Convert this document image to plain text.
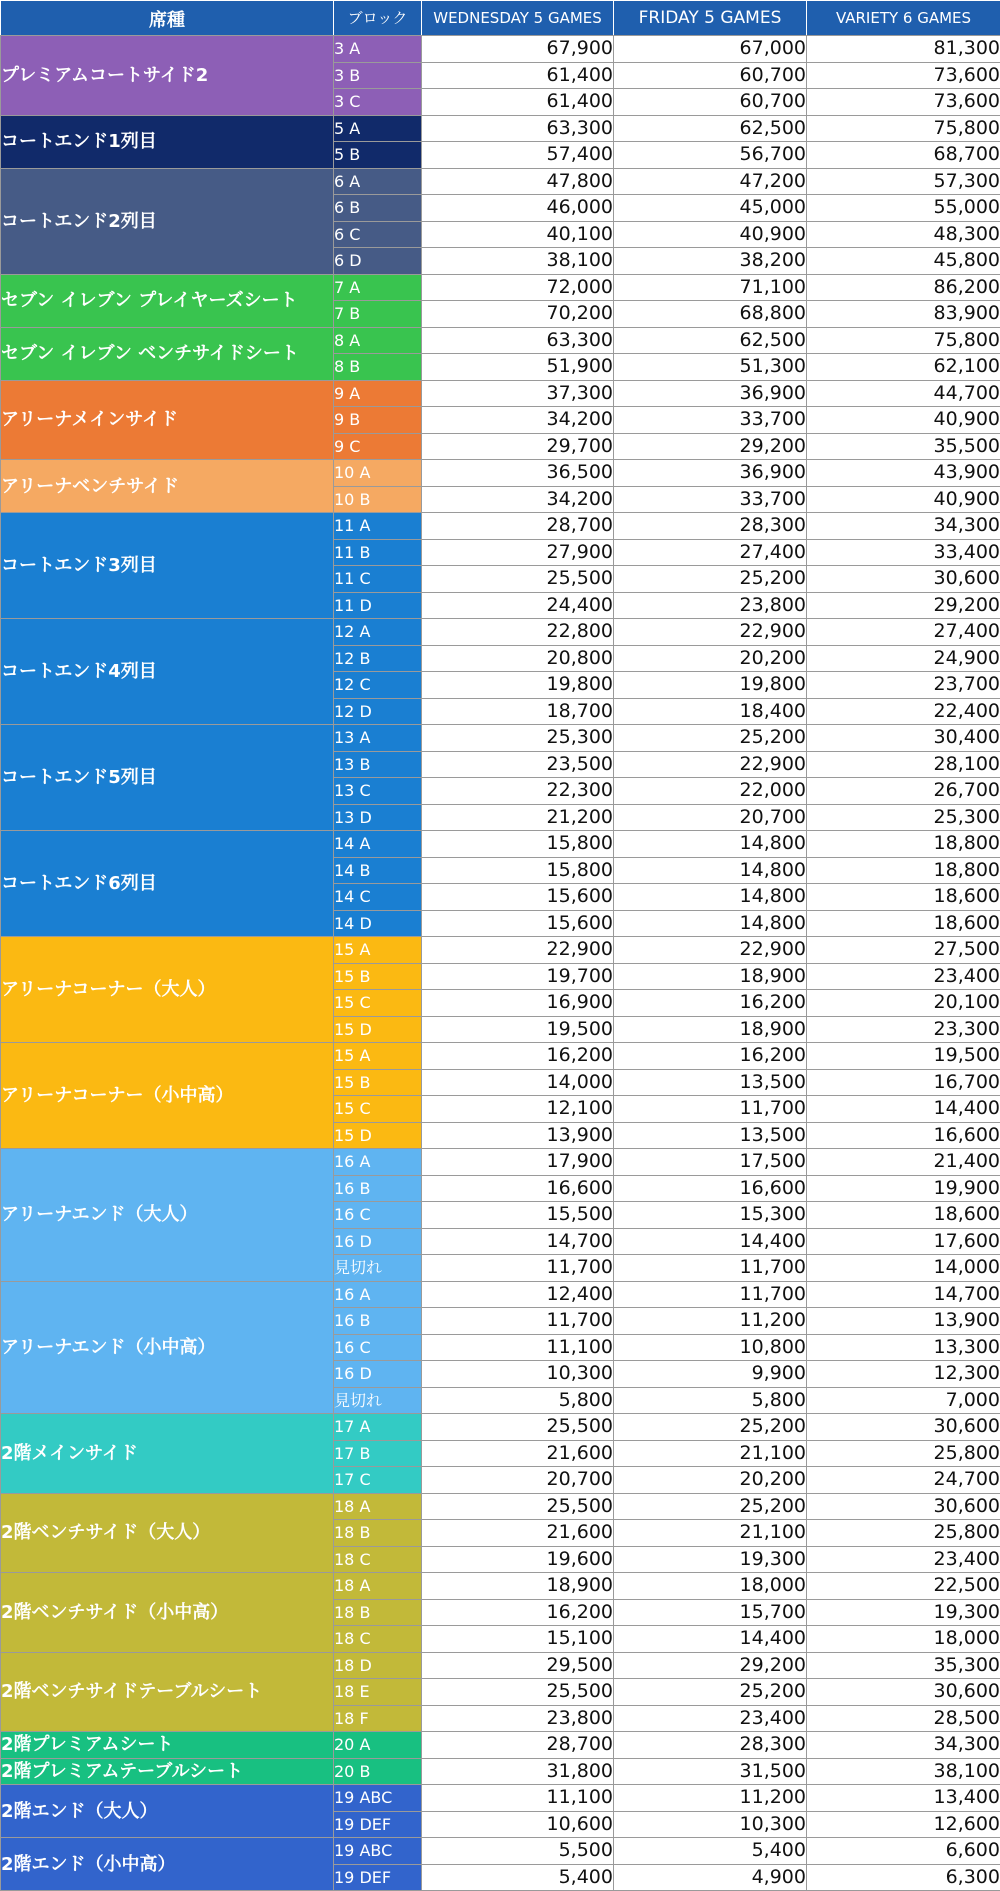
席種	ブロック	WEDNESDAY 5 GAMES	FRIDAY 5 GAMES	VARIETY 6 GAMES
プレミアムコートサイド2	3 A	67,900	67,000	81,300
	3 B	61,400	60,700	73,600
	3 C	61,400	60,700	73,600
コートエンド1列目	5 A	63,300	62,500	75,800
	5 B	57,400	56,700	68,700
コートエンド2列目	6 A	47,800	47,200	57,300
	6 B	46,000	45,000	55,000
	6 C	40,100	40,900	48,300
	6 D	38,100	38,200	45,800
セブン イレブン プレイヤーズシート	7 A	72,000	71,100	86,200
	7 B	70,200	68,800	83,900
セブン イレブン ベンチサイドシート	8 A	63,300	62,500	75,800
	8 B	51,900	51,300	62,100
アリーナメインサイド	9 A	37,300	36,900	44,700
	9 B	34,200	33,700	40,900
	9 C	29,700	29,200	35,500
アリーナベンチサイド	10 A	36,500	36,900	43,900
	10 B	34,200	33,700	40,900
コートエンド3列目	11 A	28,700	28,300	34,300
	11 B	27,900	27,400	33,400
	11 C	25,500	25,200	30,600
	11 D	24,400	23,800	29,200
コートエンド4列目	12 A	22,800	22,900	27,400
	12 B	20,800	20,200	24,900
	12 C	19,800	19,800	23,700
	12 D	18,700	18,400	22,400
コートエンド5列目	13 A	25,300	25,200	30,400
	13 B	23,500	22,900	28,100
	13 C	22,300	22,000	26,700
	13 D	21,200	20,700	25,300
コートエンド6列目	14 A	15,800	14,800	18,800
	14 B	15,800	14,800	18,800
	14 C	15,600	14,800	18,600
	14 D	15,600	14,800	18,600
アリーナコーナー（大人）	15 A	22,900	22,900	27,500
	15 B	19,700	18,900	23,400
	15 C	16,900	16,200	20,100
	15 D	19,500	18,900	23,300
アリーナコーナー（小中高）	15 A	16,200	16,200	19,500
	15 B	14,000	13,500	16,700
	15 C	12,100	11,700	14,400
	15 D	13,900	13,500	16,600
アリーナエンド（大人）	16 A	17,900	17,500	21,400
	16 B	16,600	16,600	19,900
	16 C	15,500	15,300	18,600
	16 D	14,700	14,400	17,600
	見切れ	11,700	11,700	14,000
アリーナエンド（小中高）	16 A	12,400	11,700	14,700
	16 B	11,700	11,200	13,900
	16 C	11,100	10,800	13,300
	16 D	10,300	9,900	12,300
	見切れ	5,800	5,800	7,000
2階メインサイド	17 A	25,500	25,200	30,600
	17 B	21,600	21,100	25,800
	17 C	20,700	20,200	24,700
2階ベンチサイド（大人）	18 A	25,500	25,200	30,600
	18 B	21,600	21,100	25,800
	18 C	19,600	19,300	23,400
2階ベンチサイド（小中高）	18 A	18,900	18,000	22,500
	18 B	16,200	15,700	19,300
	18 C	15,100	14,400	18,000
2階ベンチサイドテーブルシート	18 D	29,500	29,200	35,300
	18 E	25,500	25,200	30,600
	18 F	23,800	23,400	28,500
2階プレミアムシート	20 A	28,700	28,300	34,300
2階プレミアムテーブルシート	20 B	31,800	31,500	38,100
2階エンド（大人）	19 ABC	11,100	11,200	13,400
	19 DEF	10,600	10,300	12,600
2階エンド（小中高）	19 ABC	5,500	5,400	6,600
	19 DEF	5,400	4,900	6,300
